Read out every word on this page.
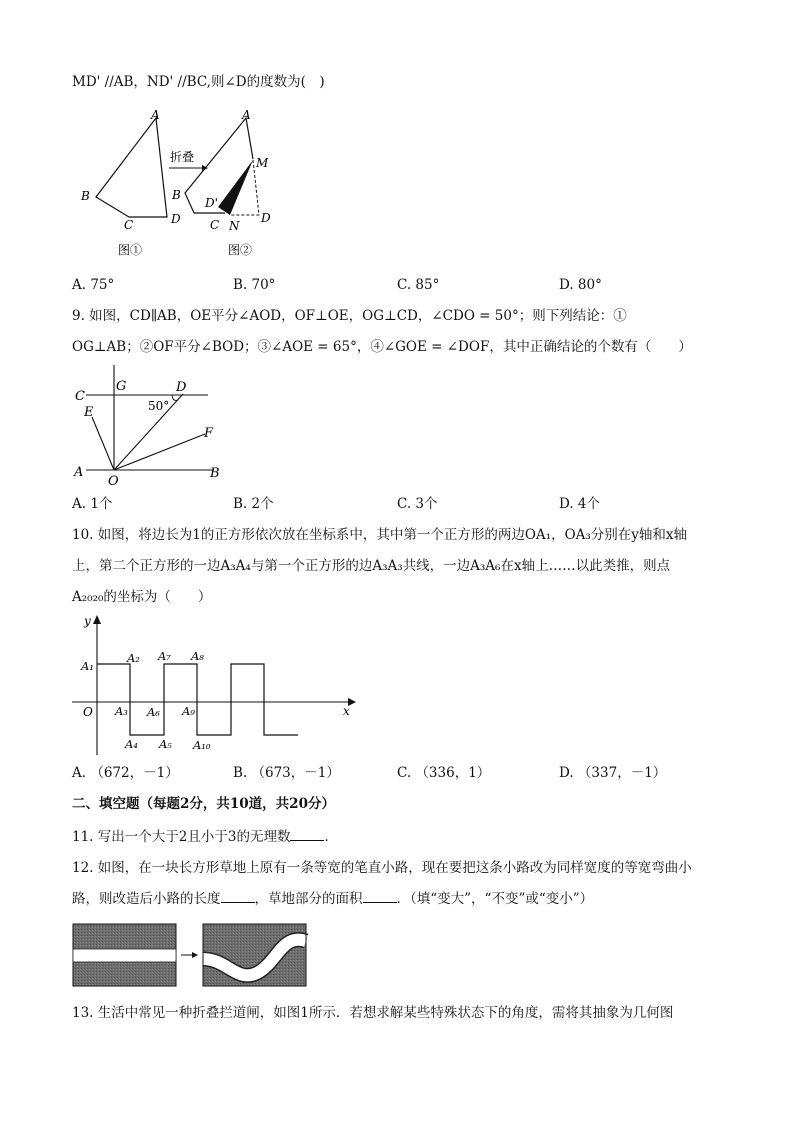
MD' //AB，ND' //BC,则∠D的度数为(　)
A
B
C	D
折叠
A
B
M
D'
C N
D
图①	图②
A. 75°	B. 70°	C. 85°	D. 80°
9. 如图，CD∥AB，OE平分∠AOD，OF⊥OE，OG⊥CD，∠CDO = 50°；则下列结论：①
OG⊥AB；②OF平分∠BOD；③∠AOE = 65°，④∠GOE = ∠DOF，其中正确结论的个数有（　　）
C
G	D
E
F
A
O
B
50°
A. 1个	B. 2个	C. 3个	D. 4个
10. 如图，将边长为1的正方形依次放在坐标系中，其中第一个正方形的两边OA₁，OA₃分别在y轴和x轴
上，第二个正方形的一边A₃A₄与第一个正方形的边A₃A₃共线，一边A₃A₆在x轴上……以此类推，则点
A₂₀₂₀的坐标为（　　）
y
x
O
A₁
A₂
A₃
A₄ A₅
A₆
A₇ A₈
A₉
A₁₀
A. （672，－1）	B. （673，－1）	C. （336，1）	D. （337，－1）
二、填空题（每题2分，共10道，共20分）
11. 写出一个大于2且小于3的无理数	．
12. 如图，在一块长方形草地上原有一条等宽的笔直小路，现在要把这条小路改为同样宽度的等宽弯曲小
路，则改造后小路的长度	，草地部分的面积	．（填“变大”，“不变”或“变小”）
13. 生活中常见一种折叠拦道闸，如图1所示．若想求解某些特殊状态下的角度，需将其抽象为几何图
